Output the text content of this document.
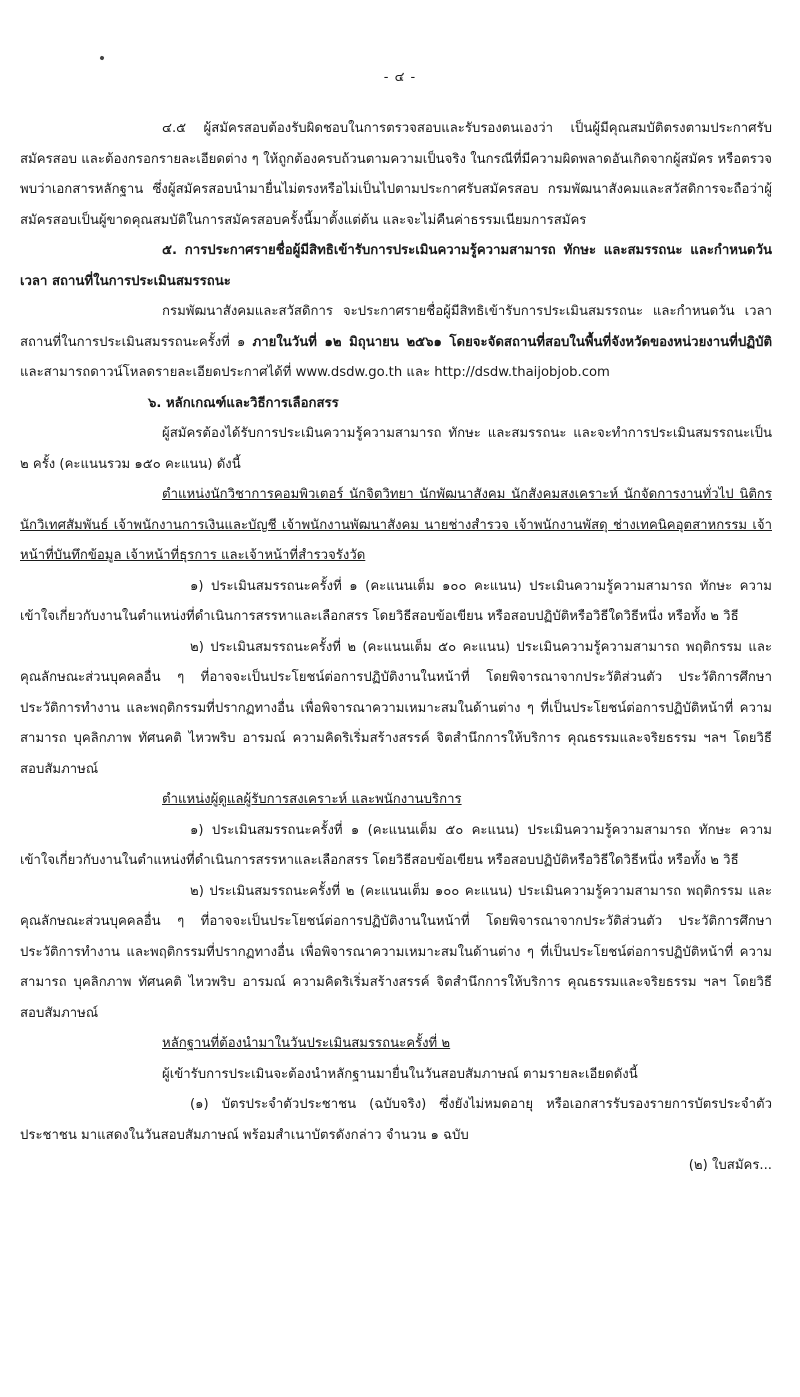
- ๔ -

๔.๕ ผู้สมัครสอบต้องรับผิดชอบในการตรวจสอบและรับรองตนเองว่า เป็นผู้มีคุณสมบัติตรงตามประกาศรับสมัครสอบ และต้องกรอกรายละเอียดต่าง ๆ ให้ถูกต้องครบถ้วนตามความเป็นจริง ในกรณีที่มีความผิดพลาดอันเกิดจากผู้สมัคร หรือตรวจพบว่าเอกสารหลักฐาน ซึ่งผู้สมัครสอบนำมายื่นไม่ตรงหรือไม่เป็นไปตามประกาศรับสมัครสอบ กรมพัฒนาสังคมและสวัสดิการจะถือว่าผู้สมัครสอบเป็นผู้ขาดคุณสมบัติในการสมัครสอบครั้งนี้มาตั้งแต่ต้น และจะไม่คืนค่าธรรมเนียมการสมัคร

๕. การประกาศรายชื่อผู้มีสิทธิเข้ารับการประเมินความรู้ความสามารถ ทักษะ และสมรรถนะ และกำหนดวัน เวลา สถานที่ในการประเมินสมรรถนะ

กรมพัฒนาสังคมและสวัสดิการ จะประกาศรายชื่อผู้มีสิทธิเข้ารับการประเมินสมรรถนะ และกำหนดวัน เวลา สถานที่ในการประเมินสมรรถนะครั้งที่ ๑ ภายในวันที่ ๑๒ มิถุนายน ๒๕๖๑ โดยจะจัดสถานที่สอบในพื้นที่จังหวัดของหน่วยงานที่ปฏิบัติ และสามารถดาวน์โหลดรายละเอียดประกาศได้ที่ www.dsdw.go.th และ http://dsdw.thaijobjob.com

๖. หลักเกณฑ์และวิธีการเลือกสรร

ผู้สมัครต้องได้รับการประเมินความรู้ความสามารถ ทักษะ และสมรรถนะ และจะทำการประเมินสมรรถนะเป็น ๒ ครั้ง (คะแนนรวม ๑๕๐ คะแนน) ดังนี้

ตำแหน่งนักวิชาการคอมพิวเตอร์ นักจิตวิทยา นักพัฒนาสังคม นักสังคมสงเคราะห์ นักจัดการงานทั่วไป นิติกร นักวิเทศสัมพันธ์ เจ้าพนักงานการเงินและบัญชี เจ้าพนักงานพัฒนาสังคม นายช่างสำรวจ เจ้าพนักงานพัสดุ ช่างเทคนิคอุตสาหกรรม เจ้าหน้าที่บันทึกข้อมูล เจ้าหน้าที่ธุรการ และเจ้าหน้าที่สำรวจรังวัด

๑) ประเมินสมรรถนะครั้งที่ ๑ (คะแนนเต็ม ๑๐๐ คะแนน) ประเมินความรู้ความสามารถ ทักษะ ความเข้าใจเกี่ยวกับงานในตำแหน่งที่ดำเนินการสรรหาและเลือกสรร โดยวิธีสอบข้อเขียน หรือสอบปฏิบัติหรือวิธีใดวิธีหนึ่ง หรือทั้ง ๒ วิธี

๒) ประเมินสมรรถนะครั้งที่ ๒ (คะแนนเต็ม ๕๐ คะแนน) ประเมินความรู้ความสามารถ พฤติกรรม และคุณลักษณะส่วนบุคคลอื่น ๆ ที่อาจจะเป็นประโยชน์ต่อการปฏิบัติงานในหน้าที่ โดยพิจารณาจากประวัติส่วนตัว ประวัติการศึกษา ประวัติการทำงาน และพฤติกรรมที่ปรากฏทางอื่น เพื่อพิจารณาความเหมาะสมในด้านต่าง ๆ ที่เป็นประโยชน์ต่อการปฏิบัติหน้าที่ ความสามารถ บุคลิกภาพ ทัศนคติ ไหวพริบ อารมณ์ ความคิดริเริ่มสร้างสรรค์ จิตสำนึกการให้บริการ คุณธรรมและจริยธรรม ฯลฯ โดยวิธีสอบสัมภาษณ์

ตำแหน่งผู้ดูแลผู้รับการสงเคราะห์ และพนักงานบริการ

๑) ประเมินสมรรถนะครั้งที่ ๑ (คะแนนเต็ม ๕๐ คะแนน) ประเมินความรู้ความสามารถ ทักษะ ความเข้าใจเกี่ยวกับงานในตำแหน่งที่ดำเนินการสรรหาและเลือกสรร โดยวิธีสอบข้อเขียน หรือสอบปฏิบัติหรือวิธีใดวิธีหนึ่ง หรือทั้ง ๒ วิธี

๒) ประเมินสมรรถนะครั้งที่ ๒ (คะแนนเต็ม ๑๐๐ คะแนน) ประเมินความรู้ความสามารถ พฤติกรรม และคุณลักษณะส่วนบุคคลอื่น ๆ ที่อาจจะเป็นประโยชน์ต่อการปฏิบัติงานในหน้าที่ โดยพิจารณาจากประวัติส่วนตัว ประวัติการศึกษา ประวัติการทำงาน และพฤติกรรมที่ปรากฏทางอื่น เพื่อพิจารณาความเหมาะสมในด้านต่าง ๆ ที่เป็นประโยชน์ต่อการปฏิบัติหน้าที่ ความสามารถ บุคลิกภาพ ทัศนคติ ไหวพริบ อารมณ์ ความคิดริเริ่มสร้างสรรค์ จิตสำนึกการให้บริการ คุณธรรมและจริยธรรม ฯลฯ โดยวิธีสอบสัมภาษณ์

หลักฐานที่ต้องนำมาในวันประเมินสมรรถนะครั้งที่ ๒

ผู้เข้ารับการประเมินจะต้องนำหลักฐานมายื่นในวันสอบสัมภาษณ์ ตามรายละเอียดดังนี้

(๑) บัตรประจำตัวประชาชน (ฉบับจริง) ซึ่งยังไม่หมดอายุ หรือเอกสารรับรองรายการบัตรประจำตัวประชาชน มาแสดงในวันสอบสัมภาษณ์ พร้อมสำเนาบัตรดังกล่าว จำนวน ๑ ฉบับ

(๒) ใบสมัคร...
